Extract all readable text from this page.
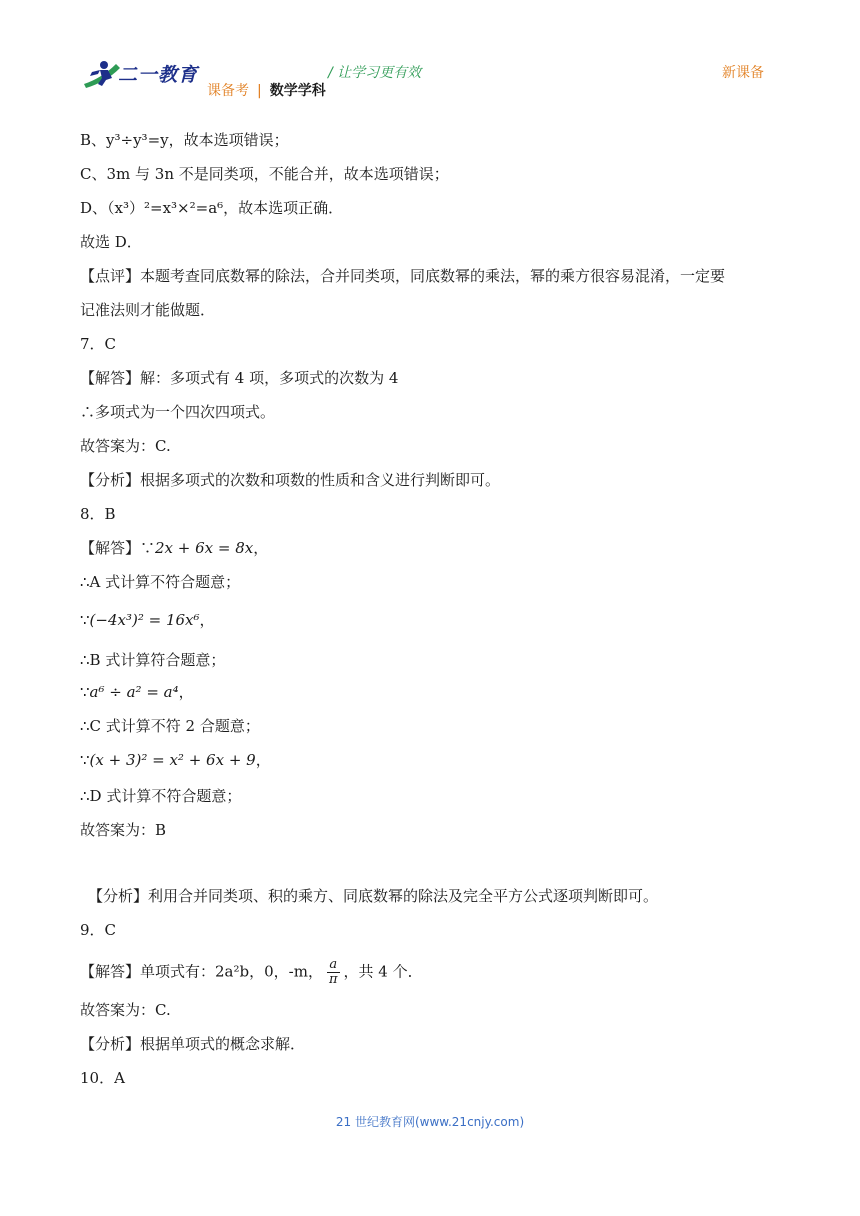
二一教育	/ 让学习更有效
课备考 | 数学学科
新课备
B、y³÷y³=y，故本选项错误；
C、3m 与 3n 不是同类项，不能合并，故本选项错误；
D、（x³）²=x³×²=a⁶，故本选项正确．
故选 D．
【点评】本题考查同底数幂的除法，合并同类项，同底数幂的乘法，幂的乘方很容易混淆，一定要
记准法则才能做题．
7．C
【解答】解：多项式有 4 项，多项式的次数为 4
∴多项式为一个四次四项式。
故答案为：C.
【分析】根据多项式的次数和项数的性质和含义进行判断即可。
8．B
【解答】∵2x + 6x = 8x，
∴A 式计算不符合题意；
∵(−4x³)² = 16x⁶，
∴B 式计算符合题意；
∵a⁶ ÷ a² = a⁴，
∴C 式计算不符 2 合题意；
∵(x + 3)² = x² + 6x + 9，
∴D 式计算不符合题意；
故答案为：B
【分析】利用合并同类项、积的乘方、同底数幂的除法及完全平方公式逐项判断即可。
9．C
【解答】单项式有：2a²b，0，-m， $\frac{a}{\pi}$ ，共 4 个．
故答案为：C.
【分析】根据单项式的概念求解．
10．A
21 世纪教育网(www.21cnjy.com)
